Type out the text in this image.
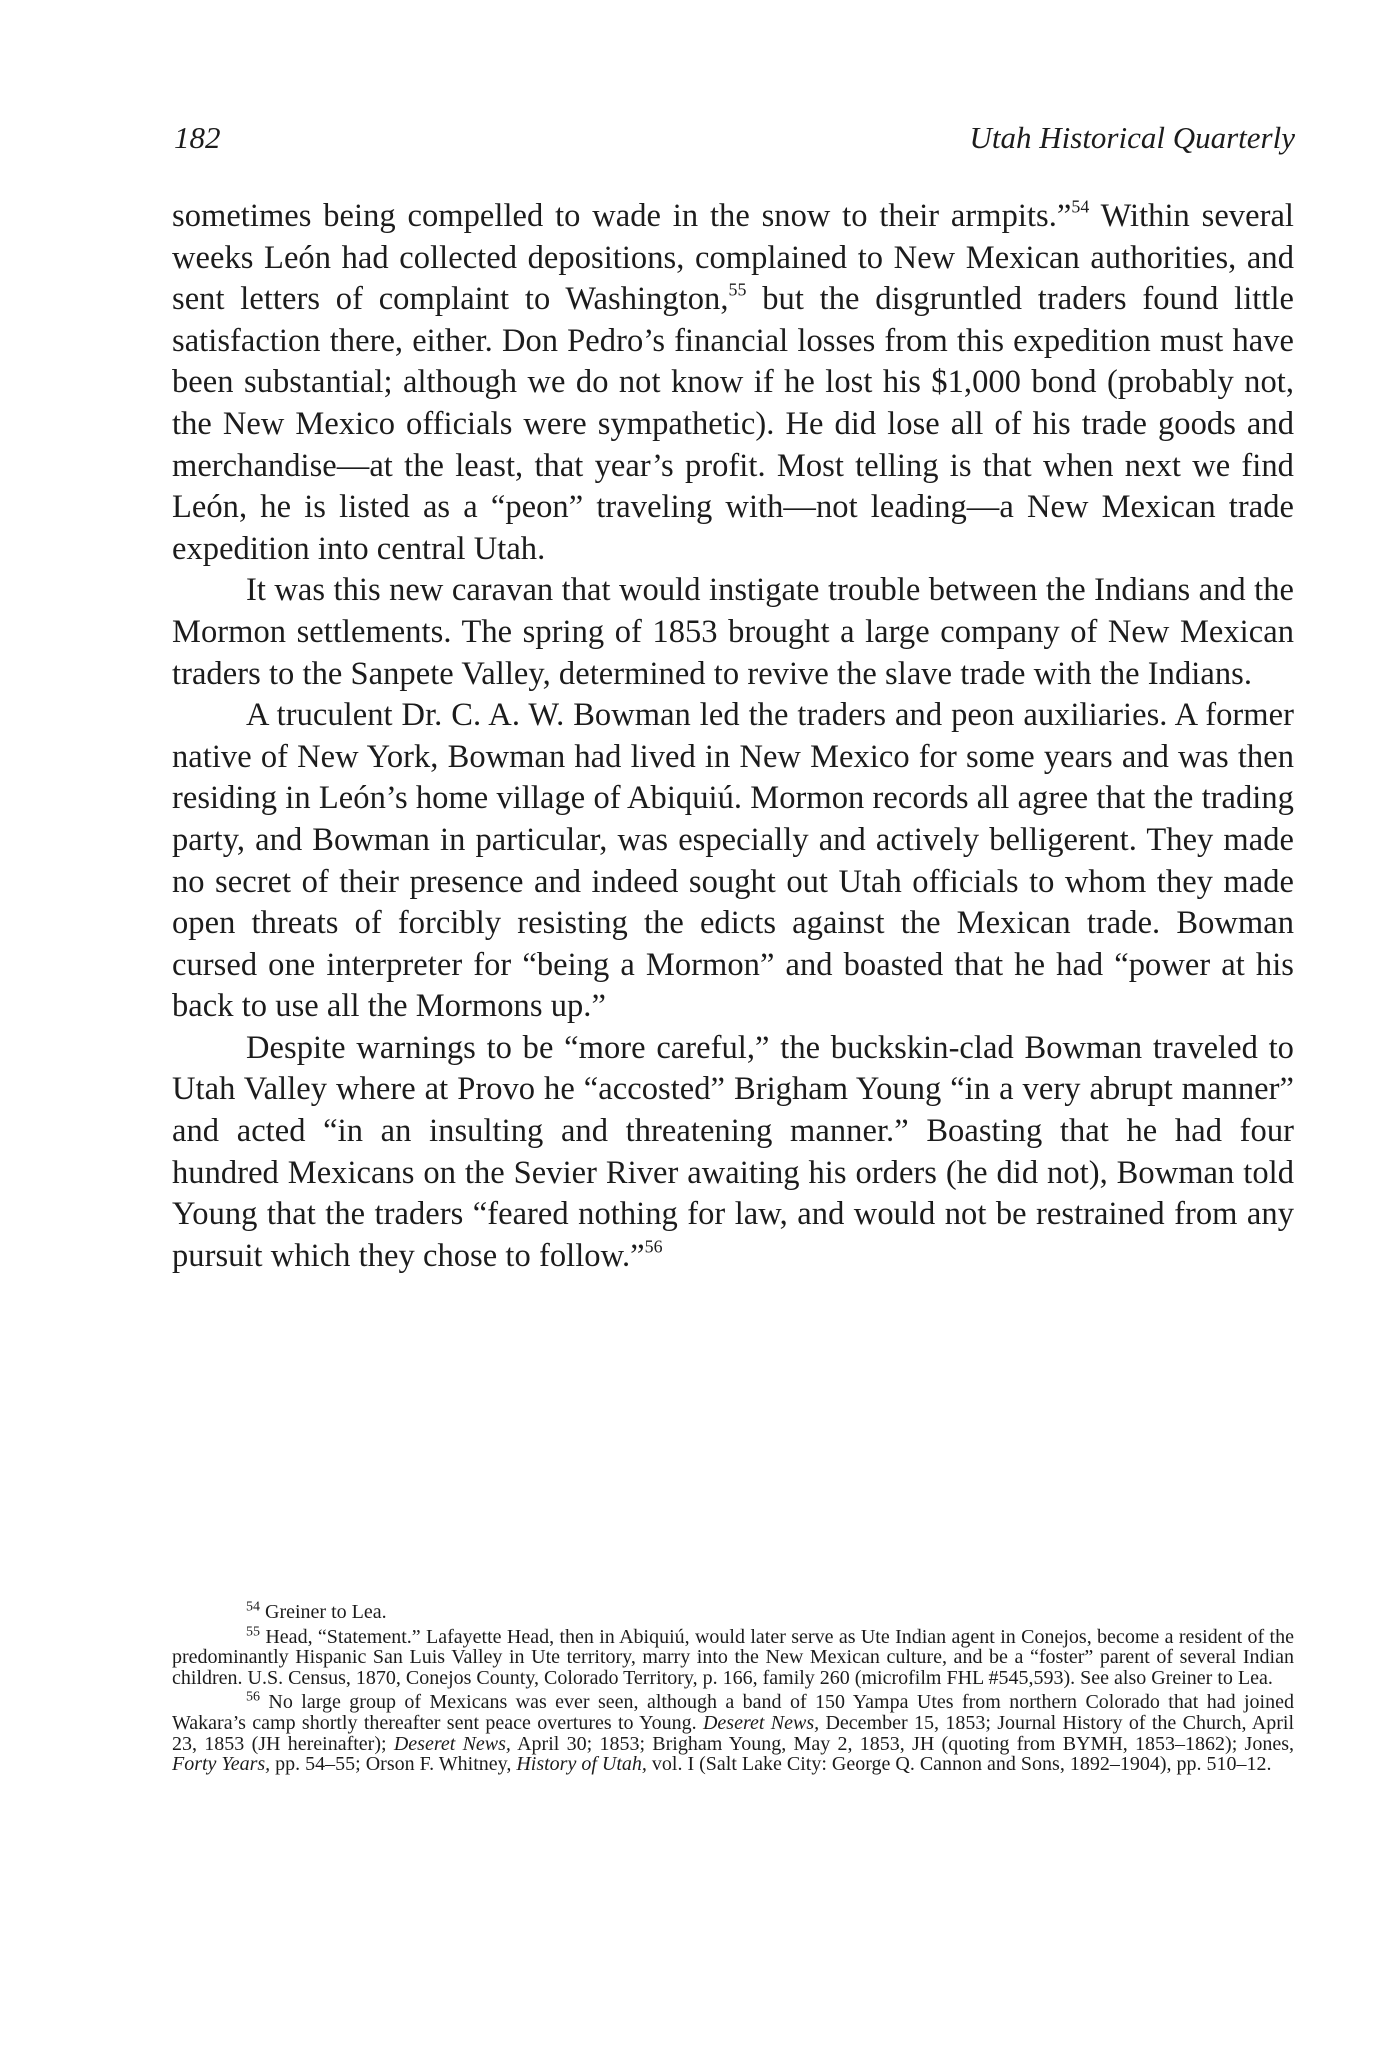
182	Utah Historical Quarterly

sometimes being compelled to wade in the snow to their armpits.”$^{54}$ Within several weeks León had collected depositions, complained to New Mexican authorities, and sent letters of complaint to Washington,$^{55}$ but the disgruntled traders found little satisfaction there, either. Don Pedro’s financial losses from this expedition must have been substantial; although we do not know if he lost his $1,000 bond (probably not, the New Mexico officials were sympathetic). He did lose all of his trade goods and merchandise—at the least, that year’s profit. Most telling is that when next we find León, he is listed as a “peon” traveling with—not leading—a New Mexican trade expedition into central Utah.

It was this new caravan that would instigate trouble between the Indians and the Mormon settlements. The spring of 1853 brought a large company of New Mexican traders to the Sanpete Valley, determined to revive the slave trade with the Indians.

A truculent Dr. C. A. W. Bowman led the traders and peon auxiliaries. A former native of New York, Bowman had lived in New Mexico for some years and was then residing in León’s home village of Abiquiú. Mormon records all agree that the trading party, and Bowman in particular, was especially and actively belligerent. They made no secret of their presence and indeed sought out Utah officials to whom they made open threats of forcibly resisting the edicts against the Mexican trade. Bowman cursed one interpreter for “being a Mormon” and boasted that he had “power at his back to use all the Mormons up.”

Despite warnings to be “more careful,” the buckskin-clad Bowman traveled to Utah Valley where at Provo he “accosted” Brigham Young “in a very abrupt manner” and acted “in an insulting and threatening manner.” Boasting that he had four hundred Mexicans on the Sevier River awaiting his orders (he did not), Bowman told Young that the traders “feared nothing for law, and would not be restrained from any pursuit which they chose to follow.”$^{56}$

$^{54}$ Greiner to Lea.

$^{55}$ Head, “Statement.” Lafayette Head, then in Abiquiú, would later serve as Ute Indian agent in Conejos, become a resident of the predominantly Hispanic San Luis Valley in Ute territory, marry into the New Mexican culture, and be a “foster” parent of several Indian children. U.S. Census, 1870, Conejos County, Colorado Territory, p. 166, family 260 (microfilm FHL #545,593). See also Greiner to Lea.

$^{56}$ No large group of Mexicans was ever seen, although a band of 150 Yampa Utes from northern Colorado that had joined Wakara’s camp shortly thereafter sent peace overtures to Young. Deseret News, December 15, 1853; Journal History of the Church, April 23, 1853 (JH hereinafter); Deseret News, April 30; 1853; Brigham Young, May 2, 1853, JH (quoting from BYMH, 1853–1862); Jones, Forty Years, pp. 54–55; Orson F. Whitney, History of Utah, vol. I (Salt Lake City: George Q. Cannon and Sons, 1892–1904), pp. 510–12.
